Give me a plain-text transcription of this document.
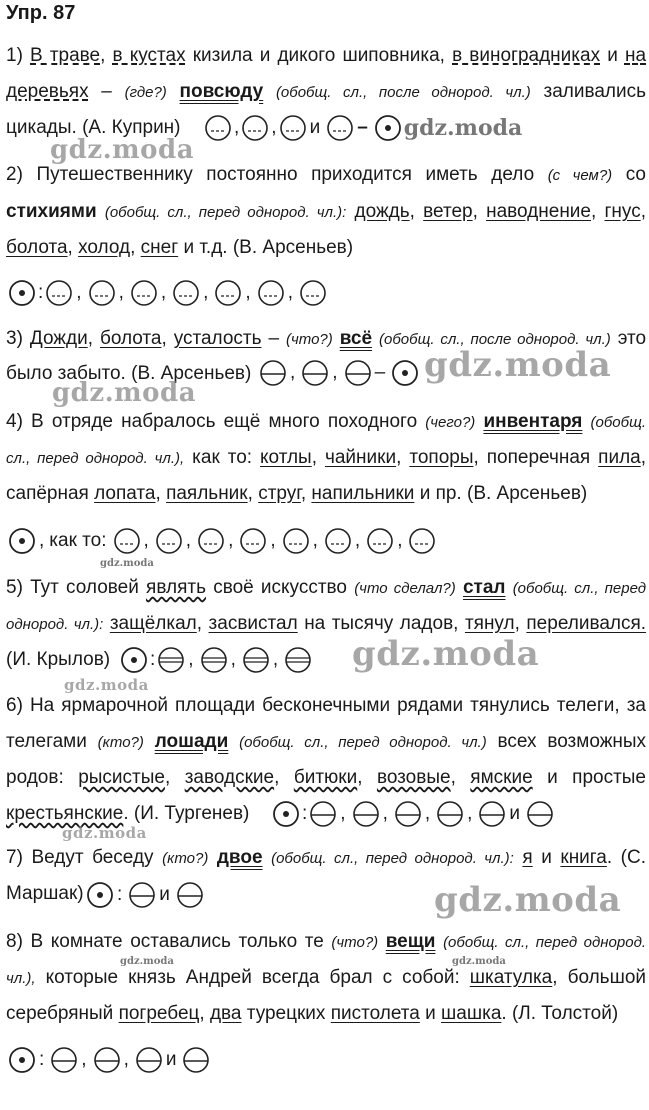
Упр. 87
1) В траве, в кустах кизила и дикого шиповника, в виноградниках и на
деревьях – (где?) повсюду (обобщ. сл., после однород. чл.) заливались
цикады. (А. Куприн)	, , и – gdz.moda
gdz.moda
2) Путешественнику постоянно приходится иметь дело (с чем?) со
стихиями (обобщ. сл., перед однород. чл.): дождь, ветер, наводнение, гнус,
болота, холод, снег и т.д. (В. Арсеньев)
: , , , , , ,
3) Дожди, болота, усталость – (что?) всё (обобщ. сл., после однород. чл.) это
было забыто. (В. Арсеньев) , , – gdz.moda
gdz.moda
4) В отряде набралось ещё много походного (чего?) инвентаря (обобщ.
сл., перед однород. чл.), как то: котлы, чайники, топоры, поперечная пила,
сапёрная лопата, паяльник, струг, напильники и пр. (В. Арсеньев)
, как то: , , , , , , ,
gdz.moda
5) Тут соловей являть своё искусство (что сделал?) стал (обобщ. сл., перед
однород. чл.): защёлкал, засвистал на тысячу ладов, тянул, переливался.
(И. Крылов) : , , , gdz.moda
gdz.moda
6) На ярмарочной площади бесконечными рядами тянулись телеги, за
телегами (кто?) лошади (обобщ. сл., перед однород. чл.) всех возможных
родов: рысистые, заводские, битюки, возовые, ямские и простые
крестьянские. (И. Тургенев)	: , , , , и
gdz.moda
7) Ведут беседу (кто?) двое (обобщ. сл., перед однород. чл.): я и книга. (С.
Маршак) : и	gdz.moda
8) В комнате оставались только те (что?) вещи (обобщ. сл., перед однород.
gdz.moda	gdz.moda
чл.), которые князь Андрей всегда брал с собой: шкатулка, большой
серебряный погребец, два турецких пистолета и шашка. (Л. Толстой)
: , , и
